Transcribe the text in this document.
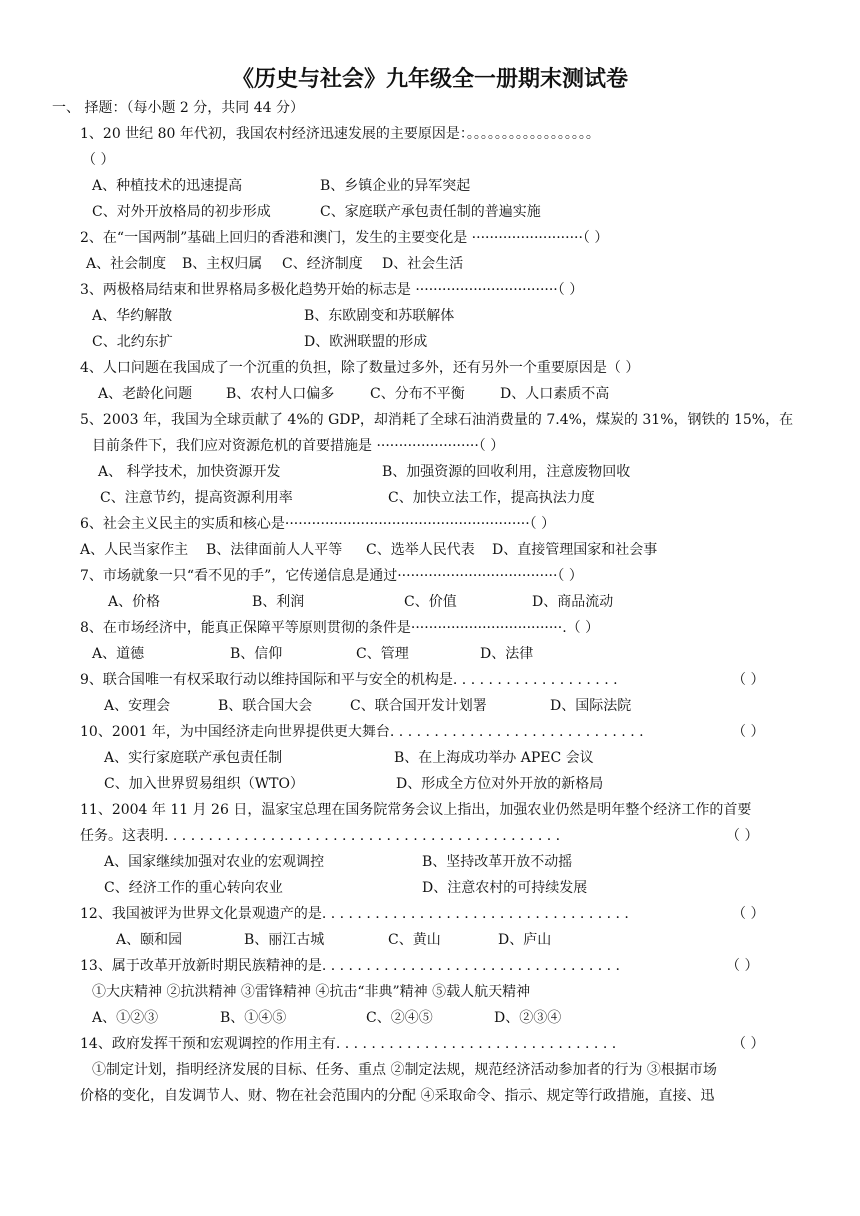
《历史与社会》九年级全一册期末测试卷
一、 择题：（每小题 2 分，共同 44 分）
1、20 世纪 80 年代初，我国农村经济迅速发展的主要原因是：。。。。。。。。。。。。。。。。。。
（ ）
A、种植技术的迅速提高	B、乡镇企业的异军突起
C、对外开放格局的初步形成	C、家庭联产承包责任制的普遍实施
2、在“一国两制”基础上回归的香港和澳门，发生的主要变化是 ·························（ ）
A、社会制度 B、主权归属 C、经济制度 D、社会生活
3、两极格局结束和世界格局多极化趋势开始的标志是 ································（ ）
A、华约解散	B、东欧剧变和苏联解体
C、北约东扩	D、欧洲联盟的形成
4、人口问题在我国成了一个沉重的负担，除了数量过多外，还有另外一个重要原因是（ ）
A、老龄化问题 B、农村人口偏多	C、分布不平衡	D、人口素质不高
5、2003 年，我国为全球贡献了 4%的 GDP，却消耗了全球石油消费量的 7.4%，煤炭的 31%，钢铁的 15%，在
目前条件下，我们应对资源危机的首要措施是 ·······················（ ）
A、 科学技术，加快资源开发	B、加强资源的回收利用，注意废物回收
C、注意节约，提高资源利用率	C、加快立法工作，提高执法力度
6、社会主义民主的实质和核心是·······················································（ ）
A、人民当家作主 B、法律面前人人平等 C、选举人民代表 D、直接管理国家和社会事
7、市场就象一只“看不见的手”，它传递信息是通过····································（ ）
A、价格	B、利润	C、价值	D、商品流动
8、在市场经济中，能真正保障平等原则贯彻的条件是··································.（ ）
A、道德	B、信仰	C、管理	D、法律
9、联合国唯一有权采取行动以维持国际和平与安全的机构是. . . . . . . . . . . . . . . . . . .	（ ）
A、安理会	B、联合国大会	C、联合国开发计划署	D、国际法院
10、2001 年，为中国经济走向世界提供更大舞台. . . . . . . . . . . . . . . . . . . . . . . . . . . . .	（ ）
A、实行家庭联产承包责任制	B、在上海成功举办 APEC 会议
C、加入世界贸易组织（WTO）	D、形成全方位对外开放的新格局
11、2004 年 11 月 26 日，温家宝总理在国务院常务会议上指出，加强农业仍然是明年整个经济工作的首要
任务。这表明. . . . . . . . . . . . . . . . . . . . . . . . . . . . . . . . . . . . . . . . . . . . .	（ ）
A、国家继续加强对农业的宏观调控	B、坚持改革开放不动摇
C、经济工作的重心转向农业	D、注意农村的可持续发展
12、我国被评为世界文化景观遗产的是. . . . . . . . . . . . . . . . . . . . . . . . . . . . . . . . . . .	（ ）
A、颐和园	B、丽江古城	C、黄山	D、庐山
13、属于改革开放新时期民族精神的是. . . . . . . . . . . . . . . . . . . . . . . . . . . . . . . . . .	（ ）
①大庆精神 ②抗洪精神 ③雷锋精神 ④抗击“非典”精神 ⑤载人航天精神
A、①②③	B、①④⑤	C、②④⑤	D、②③④
14、政府发挥干预和宏观调控的作用主有. . . . . . . . . . . . . . . . . . . . . . . . . . . . . . . .	（ ）
①制定计划，指明经济发展的目标、任务、重点 ②制定法规，规范经济活动参加者的行为 ③根据市场
价格的变化，自发调节人、财、物在社会范围内的分配 ④采取命令、指示、规定等行政措施，直接、迅
